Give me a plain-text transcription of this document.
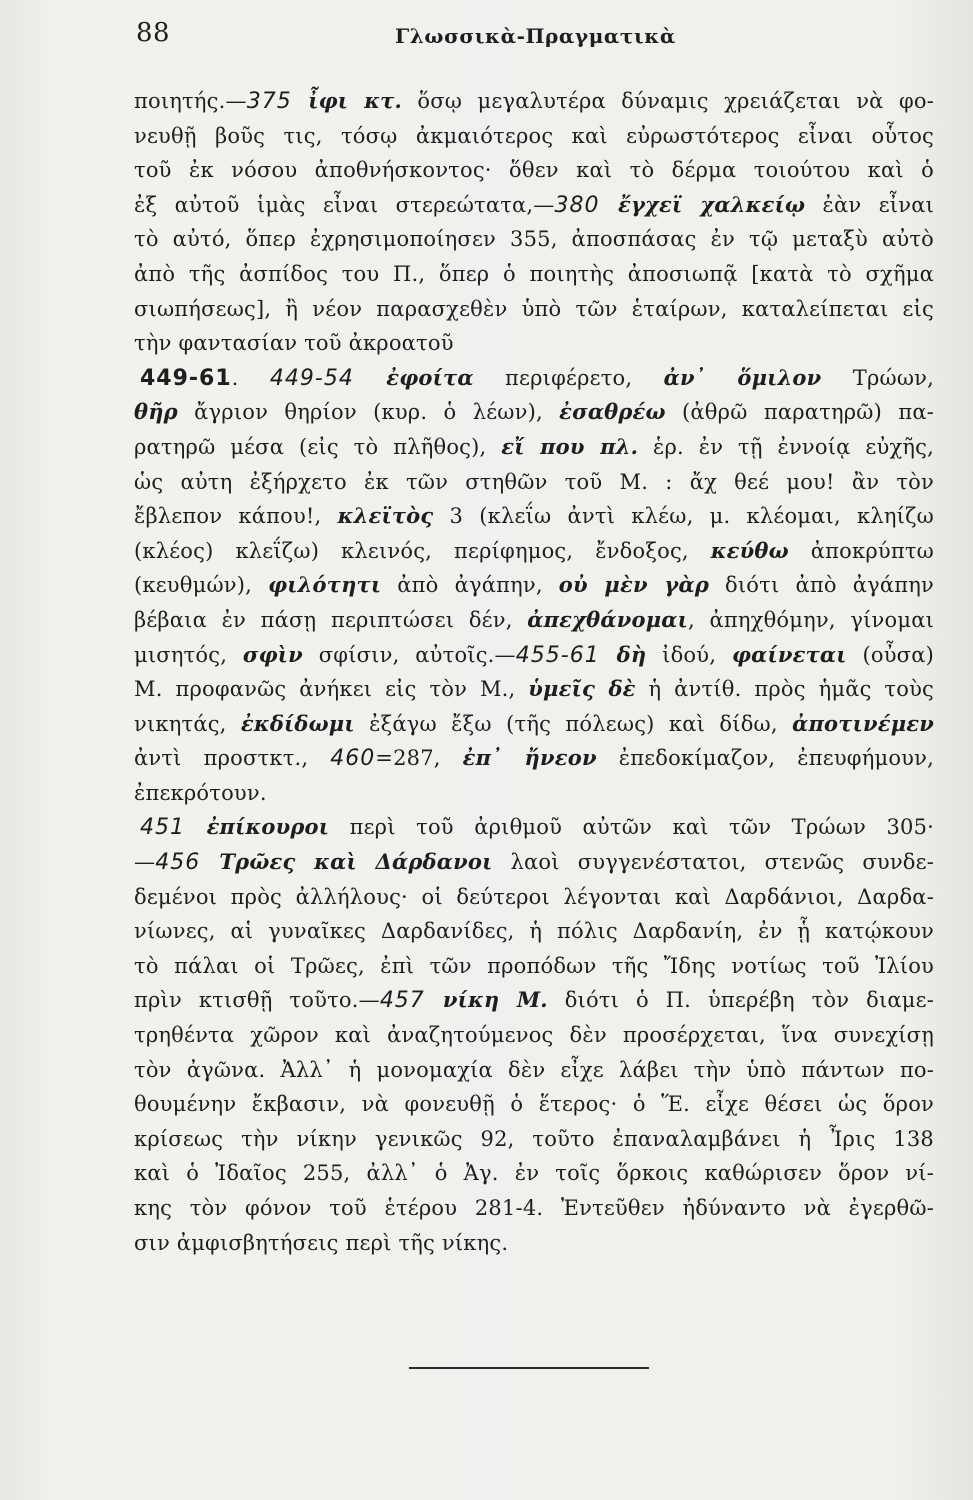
88	Γλωσσικὰ-Πραγματικὰ
ποιητής.—375 ἶφι κτ. ὅσῳ μεγαλυτέρα δύναμις χρειάζεται νὰ φο-
νευθῇ βοῦς τις, τόσῳ ἀκμαιότερος καὶ εὐρωστότερος εἶναι οὗτος
τοῦ ἐκ νόσου ἀποθνήσκοντος· ὅθεν καὶ τὸ δέρμα τοιούτου καὶ ὁ
ἐξ αὐτοῦ ἱμὰς εἶναι στερεώτατα,—380 ἔγχεϊ χαλκείῳ ἐὰν εἶναι
τὸ αὐτό, ὅπερ ἐχρησιμοποίησεν 355, ἀποσπάσας ἐν τῷ μεταξὺ αὐτὸ
ἀπὸ τῆς ἀσπίδος του Π., ὅπερ ὁ ποιητὴς ἀποσιωπᾷ [κατὰ τὸ σχῆμα
σιωπήσεως], ἢ νέον παρασχεθὲν ὑπὸ τῶν ἑταίρων, καταλείπεται εἰς
τὴν φαντασίαν τοῦ ἀκροατοῦ
449-61. 449-54 ἐφοίτα περιφέρετο, ἀν᾽ ὅμιλον Τρώων,
θῆρ ἄγριον θηρίον (κυρ. ὁ λέων), ἐσαθρέω (ἀθρῶ παρατηρῶ) πα-
ρατηρῶ μέσα (εἰς τὸ πλῆθος), εἴ που πλ. ἑρ. ἐν τῇ ἐννοίᾳ εὐχῆς,
ὡς αὐτη ἐξήρχετο ἐκ τῶν στηθῶν τοῦ Μ. : ἄχ θεέ μου! ἂν τὸν
ἔβλεπον κάπου!, κλεϊτὸς 3 (κλεΐω ἀντὶ κλέω, μ. κλέομαι, κληίζω
(κλέος) κλεΐζω) κλεινός, περίφημος, ἔνδοξος, κεύθω ἀποκρύπτω
(κευθμών), φιλότητι ἀπὸ ἀγάπην, οὐ μὲν γὰρ διότι ἀπὸ ἀγάπην
βέβαια ἐν πάσῃ περιπτώσει δέν, ἀπεχθάνομαι, ἀπηχθόμην, γίνομαι
μισητός, σφὶν σφίσιν, αὐτοῖς.—455-61 δὴ ἰδού, φαίνεται (οὖσα)
Μ. προφανῶς ἀνήκει εἰς τὸν Μ., ὑμεῖς δὲ ἡ ἀντίθ. πρὸς ἡμᾶς τοὺς
νικητάς, ἐκδίδωμι ἐξάγω ἔξω (τῆς πόλεως) καὶ δίδω, ἀποτινέμεν
ἀντὶ προστκτ., 460=287, ἐπ᾽ ἤνεον ἐπεδοκίμαζον, ἐπευφήμουν,
ἐπεκρότουν.
451 ἐπίκουροι περὶ τοῦ ἀριθμοῦ αὐτῶν καὶ τῶν Τρώων 305·
—456 Τρῶες καὶ Δάρδανοι λαοὶ συγγενέστατοι, στενῶς συνδε-
δεμένοι πρὸς ἀλλήλους· οἱ δεύτεροι λέγονται καὶ Δαρδάνιοι, Δαρδα-
νίωνες, αἱ γυναῖκες Δαρδανίδες, ἡ πόλις Δαρδανίη, ἐν ᾗ κατῴκουν
τὸ πάλαι οἱ Τρῶες, ἐπὶ τῶν προπόδων τῆς Ἴδης νοτίως τοῦ Ἰλίου
πρὶν κτισθῇ τοῦτο.—457 νίκη Μ. διότι ὁ Π. ὑπερέβη τὸν διαμε-
τρηθέντα χῶρον καὶ ἀναζητούμενος δὲν προσέρχεται, ἵνα συνεχίσῃ
τὸν ἀγῶνα. Ἀλλ᾽ ἡ μονομαχία δὲν εἶχε λάβει τὴν ὑπὸ πάντων πο-
θουμένην ἔκβασιν, νὰ φονευθῇ ὁ ἕτερος· ὁ Ἕ. εἶχε θέσει ὡς ὅρον
κρίσεως τὴν νίκην γενικῶς 92, τοῦτο ἐπαναλαμβάνει ἡ Ἶρις 138
καὶ ὁ Ἰδαῖος 255, ἀλλ᾽ ὁ Ἀγ. ἐν τοῖς ὅρκοις καθώρισεν ὅρον νί-
κης τὸν φόνον τοῦ ἑτέρου 281-4. Ἐντεῦθεν ἠδύναντο νὰ ἐγερθῶ-
σιν ἀμφισβητήσεις περὶ τῆς νίκης.
